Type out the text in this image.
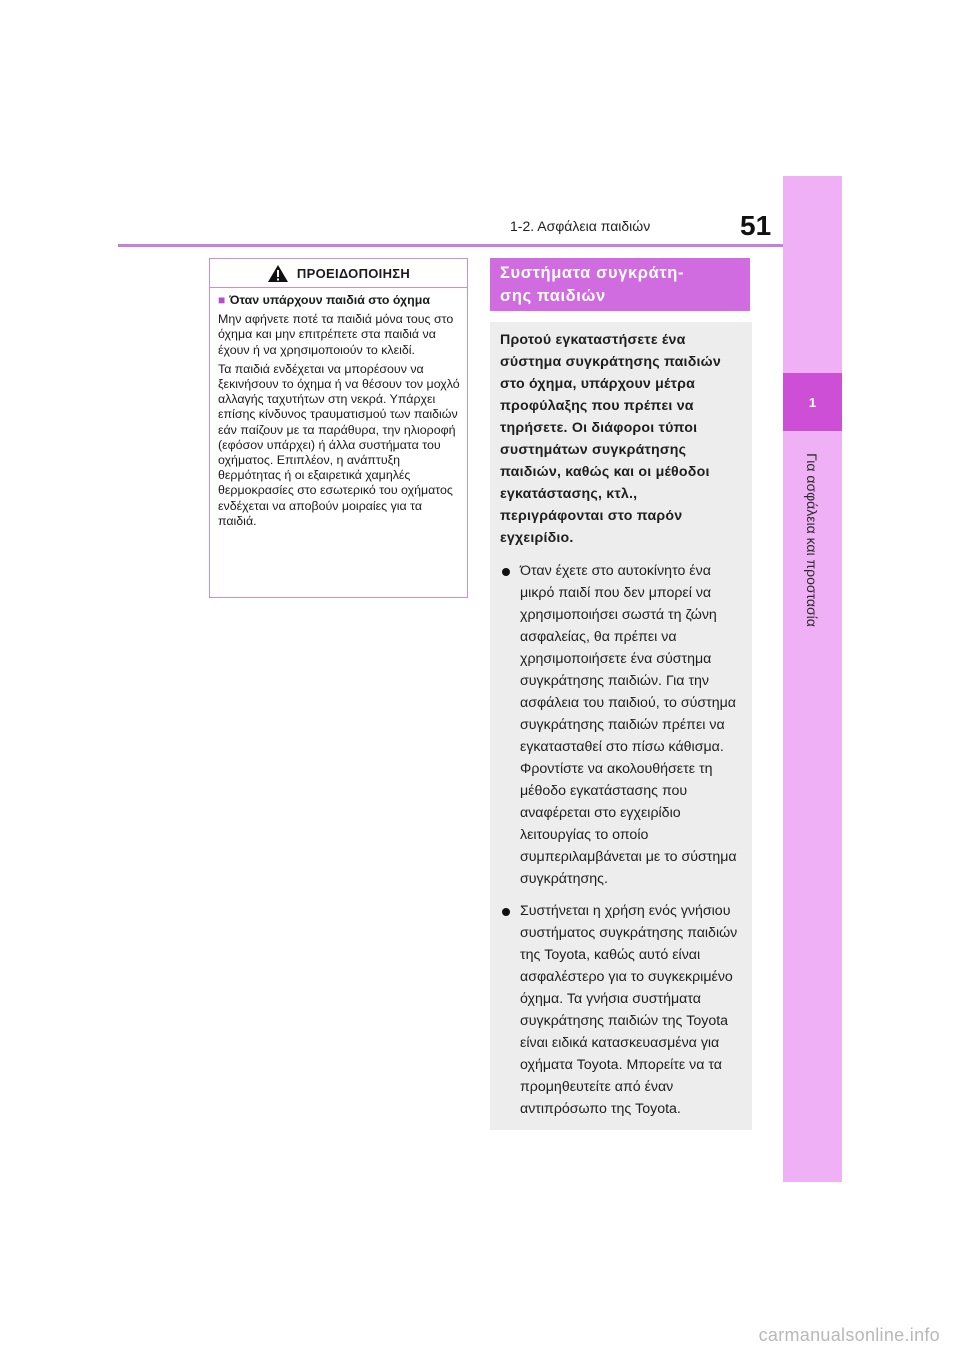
1-2. Ασφάλεια παιδιών	51
1
Για ασφάλεια και προστασία
ΠΡΟΕΙΔΟΠΟΙΗΣΗ
■ Όταν υπάρχουν παιδιά στο όχημα

Μην αφήνετε ποτέ τα παιδιά μόνα τους στο όχημα και μην επιτρέπετε στα παιδιά να έχουν ή να χρησιμοποιούν το κλειδί.

Τα παιδιά ενδέχεται να μπορέσουν να ξεκινήσουν το όχημα ή να θέσουν τον μοχλό αλλαγής ταχυτήτων στη νεκρά. Υπάρχει επίσης κίνδυνος τραυματισμού των παιδιών εάν παίζουν με τα παράθυρα, την ηλιοροφή (εφόσον υπάρχει) ή άλλα συστήματα του οχήματος. Επιπλέον, η ανάπτυξη θερμότητας ή οι εξαιρετικά χαμηλές θερμοκρασίες στο εσωτερικό του οχήματος ενδέχεται να αποβούν μοιραίες για τα παιδιά.

Συστήματα συγκράτη-
σης παιδιών

Προτού εγκαταστήσετε ένα σύστημα συγκράτησης παιδιών στο όχημα, υπάρχουν μέτρα προφύλαξης που πρέπει να τηρήσετε. Οι διάφοροι τύποι συστημάτων συγκράτησης παιδιών, καθώς και οι μέθοδοι εγκατάστασης, κτλ., περιγράφονται στο παρόν εγχειρίδιο.

Όταν έχετε στο αυτοκίνητο ένα μικρό παιδί που δεν μπορεί να χρησιμοποιήσει σωστά τη ζώνη ασφαλείας, θα πρέπει να χρησιμοποιήσετε ένα σύστημα συγκράτησης παιδιών. Για την ασφάλεια του παιδιού, το σύστημα συγκράτησης παιδιών πρέπει να εγκατασταθεί στο πίσω κάθισμα. Φροντίστε να ακολουθήσετε τη μέθοδο εγκατάστασης που αναφέρεται στο εγχειρίδιο λειτουργίας το οποίο συμπεριλαμβάνεται με το σύστημα συγκράτησης.
Συστήνεται η χρήση ενός γνήσιου συστήματος συγκράτησης παιδιών της Toyota, καθώς αυτό είναι ασφαλέστερο για το συγκεκριμένο όχημα. Τα γνήσια συστήματα συγκράτησης παιδιών της Toyota είναι ειδικά κατασκευασμένα για οχήματα Toyota. Μπορείτε να τα προμηθευτείτε από έναν αντιπρόσωπο της Toyota.
carmanualsonline.info
